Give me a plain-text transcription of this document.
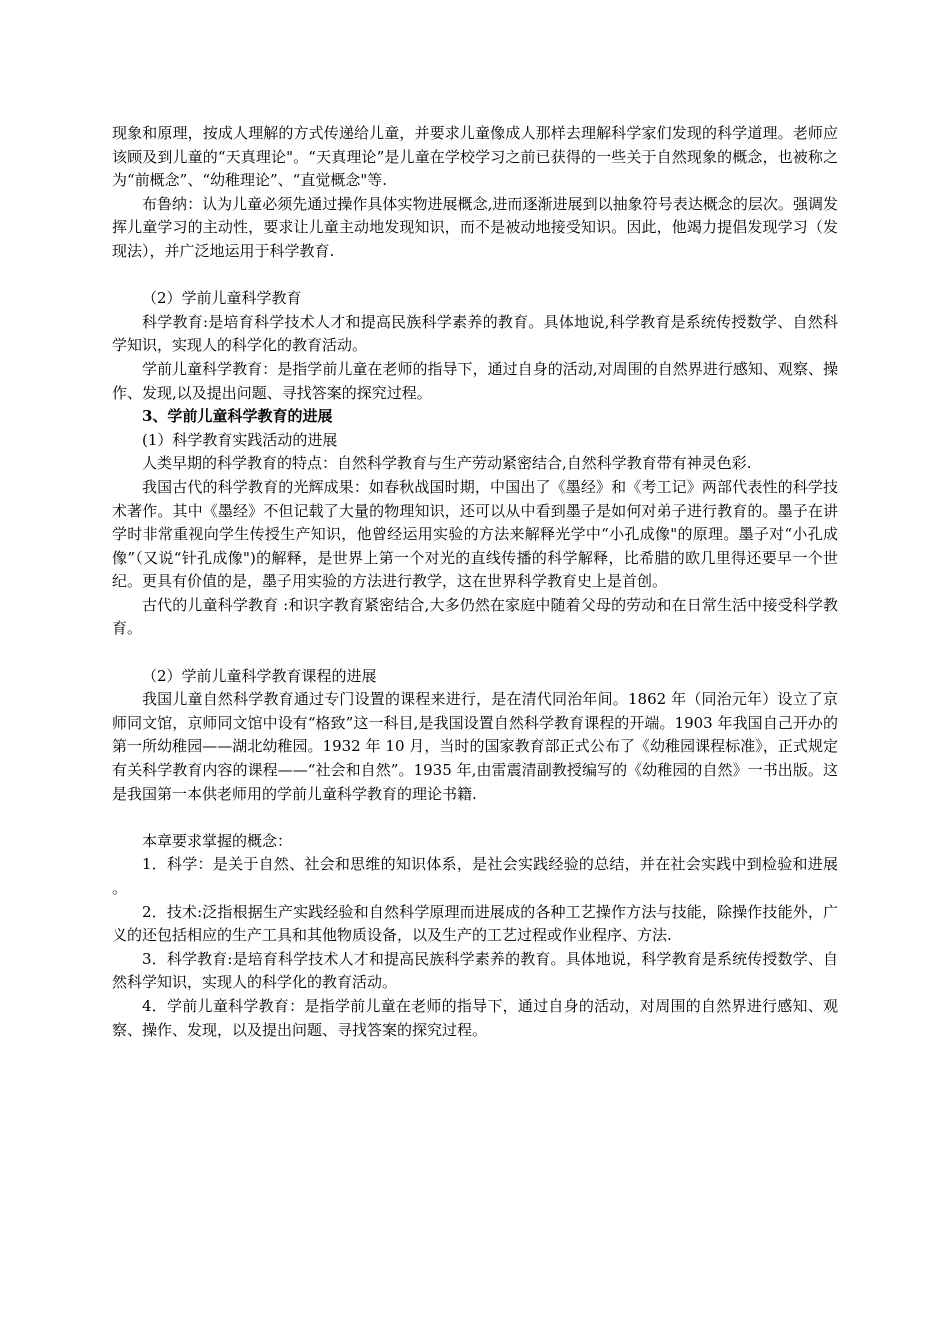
现象和原理，按成人理解的方式传递给儿童，并要求儿童像成人那样去理解科学家们发现的科学道理。老师应该顾及到儿童的“天真理论"。“天真理论”是儿童在学校学习之前已获得的一些关于自然现象的概念，也被称之为“前概念”、“幼稚理论”、“直觉概念"等.

布鲁纳：认为儿童必须先通过操作具体实物进展概念,进而逐渐进展到以抽象符号表达概念的层次。强调发挥儿童学习的主动性，要求让儿童主动地发现知识，而不是被动地接受知识。因此，他竭力提倡发现学习（发现法），并广泛地运用于科学教育.

（2）学前儿童科学教育

科学教育:是培育科学技术人才和提高民族科学素养的教育。具体地说,科学教育是系统传授数学、自然科学知识，实现人的科学化的教育活动。

学前儿童科学教育：是指学前儿童在老师的指导下，通过自身的活动,对周围的自然界进行感知、观察、操作、发现,以及提出问题、寻找答案的探究过程。

3、学前儿童科学教育的进展

(1）科学教育实践活动的进展

人类早期的科学教育的特点：自然科学教育与生产劳动紧密结合,自然科学教育带有神灵色彩.

我国古代的科学教育的光辉成果：如春秋战国时期，中国出了《墨经》和《考工记》两部代表性的科学技术著作。其中《墨经》不但记载了大量的物理知识，还可以从中看到墨子是如何对弟子进行教育的。墨子在讲学时非常重视向学生传授生产知识，他曾经运用实验的方法来解释光学中“小孔成像"的原理。墨子对“小孔成像”（又说“针孔成像")的解释，是世界上第一个对光的直线传播的科学解释，比希腊的欧几里得还要早一个世纪。更具有价值的是，墨子用实验的方法进行教学，这在世界科学教育史上是首创。

古代的儿童科学教育 :和识字教育紧密结合,大多仍然在家庭中随着父母的劳动和在日常生活中接受科学教育。

（2）学前儿童科学教育课程的进展

我国儿童自然科学教育通过专门设置的课程来进行，是在清代同治年间。1862 年（同治元年）设立了京师同文馆，京师同文馆中设有“格致”这一科目,是我国设置自然科学教育课程的开端。1903 年我国自己开办的第一所幼稚园——湖北幼稚园。1932 年 10 月，当时的国家教育部正式公布了《幼稚园课程标准》，正式规定有关科学教育内容的课程——“社会和自然”。1935 年,由雷震清副教授编写的《幼稚园的自然》一书出版。这是我国第一本供老师用的学前儿童科学教育的理论书籍.

本章要求掌握的概念：

1．科学：是关于自然、社会和思维的知识体系，是社会实践经验的总结，并在社会实践中到检验和进展 。

2．技术:泛指根据生产实践经验和自然科学原理而进展成的各种工艺操作方法与技能，除操作技能外，广义的还包括相应的生产工具和其他物质设备，以及生产的工艺过程或作业程序、方法.

3．科学教育:是培育科学技术人才和提高民族科学素养的教育。具体地说，科学教育是系统传授数学、自然科学知识，实现人的科学化的教育活动。

4．学前儿童科学教育：是指学前儿童在老师的指导下，通过自身的活动，对周围的自然界进行感知、观察、操作、发现，以及提出问题、寻找答案的探究过程。
